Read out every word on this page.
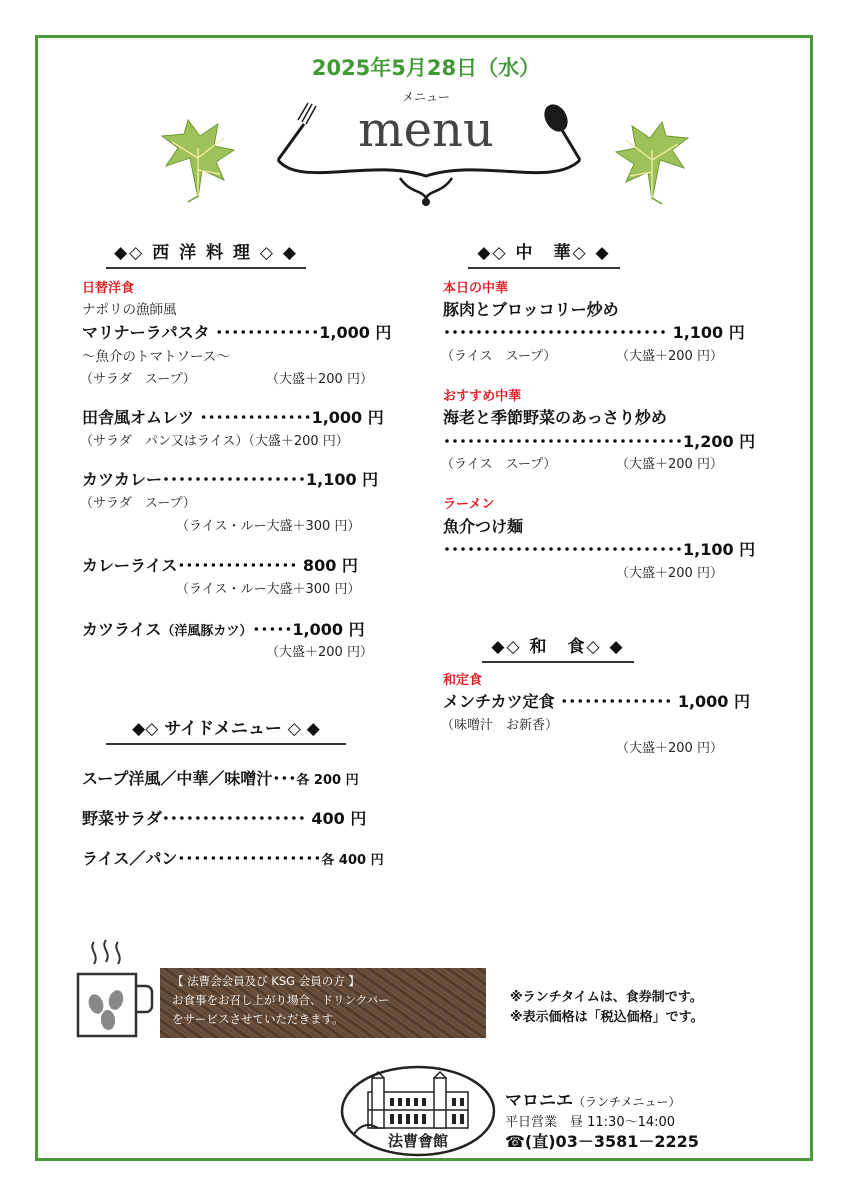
2025年5月28日（水）
メニュー
menu
◆◇ 西 洋 料 理 ◇ ◆
日替洋食
ナポリの漁師風
マリナーラパスタ ･････････････1,000 円
～魚介のトマトソース～
（サラダ　スープ）	（大盛＋200 円）
田舎風オムレツ ･･････････････1,000 円
（サラダ　パン又はライス）（大盛＋200 円）
カツカレー･･････････････････1,100 円
（サラダ　スープ）
（ライス・ルー大盛＋300 円）
カレーライス･･･････････････ 800 円
（ライス・ルー大盛＋300 円）
カツライス（洋風豚カツ）･････1,000 円
（大盛＋200 円）
◆◇ サイドメニュー ◇ ◆
スープ洋風／中華／味噌汁･･･各 200 円
野菜サラダ･･････････････････ 400 円
ライス／パン･･････････････････各 400 円
◆◇ 中　華◇ ◆
本日の中華
豚肉とブロッコリー炒め
････････････････････････････ 1,100 円
（ライス　スープ）	（大盛＋200 円）
おすすめ中華
海老と季節野菜のあっさり炒め
･･････････････････････････････1,200 円
（ライス　スープ）	（大盛＋200 円）
ラーメン
魚介つけ麺
･･････････････････････････････1,100 円
（大盛＋200 円）
◆◇ 和　食◇ ◆
和定食
メンチカツ定食 ･･････････････ 1,000 円
（味噌汁　お新香）
（大盛＋200 円）
【 法曹会会員及び KSG 会員の方 】
お食事をお召し上がり場合、ドリンクバー
をサービスさせていただきます。
※ランチタイムは、食券制です。
※表示価格は「税込価格」です。
法曹會館
マロニエ（ランチメニュー）
平日営業　昼 11:30～14:00
☎(直)03－3581－2225
